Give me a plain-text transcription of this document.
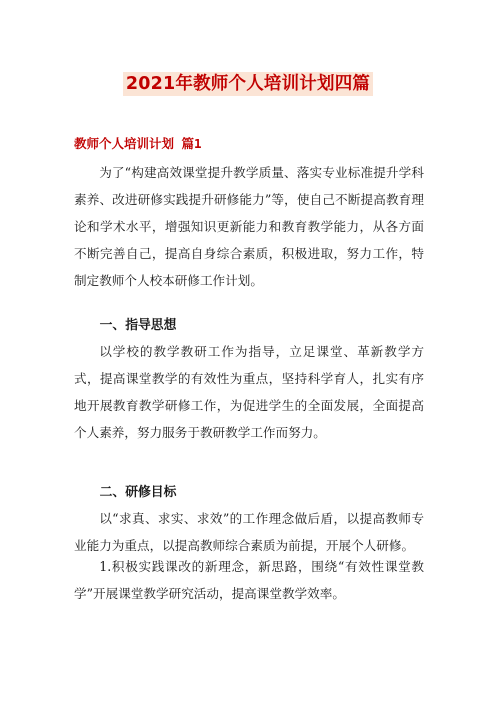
2021年教师个人培训计划四篇
教师个人培训计划 篇1

为了“构建高效课堂提升教学质量、落实专业标准提升学科素养、改进研修实践提升研修能力”等，使自己不断提高教育理论和学术水平，增强知识更新能力和教育教学能力，从各方面不断完善自己，提高自身综合素质，积极进取，努力工作，特制定教师个人校本研修工作计划。

一、指导思想

以学校的教学教研工作为指导，立足课堂、革新教学方式，提高课堂教学的有效性为重点，坚持科学育人，扎实有序地开展教育教学研修工作，为促进学生的全面发展，全面提高个人素养，努力服务于教研教学工作而努力。

二、研修目标

以“求真、求实、求效”的工作理念做后盾，以提高教师专业能力为重点，以提高教师综合素质为前提，开展个人研修。

1.积极实践课改的新理念，新思路，围绕“有效性课堂教学”开展课堂教学研究活动，提高课堂教学效率。
